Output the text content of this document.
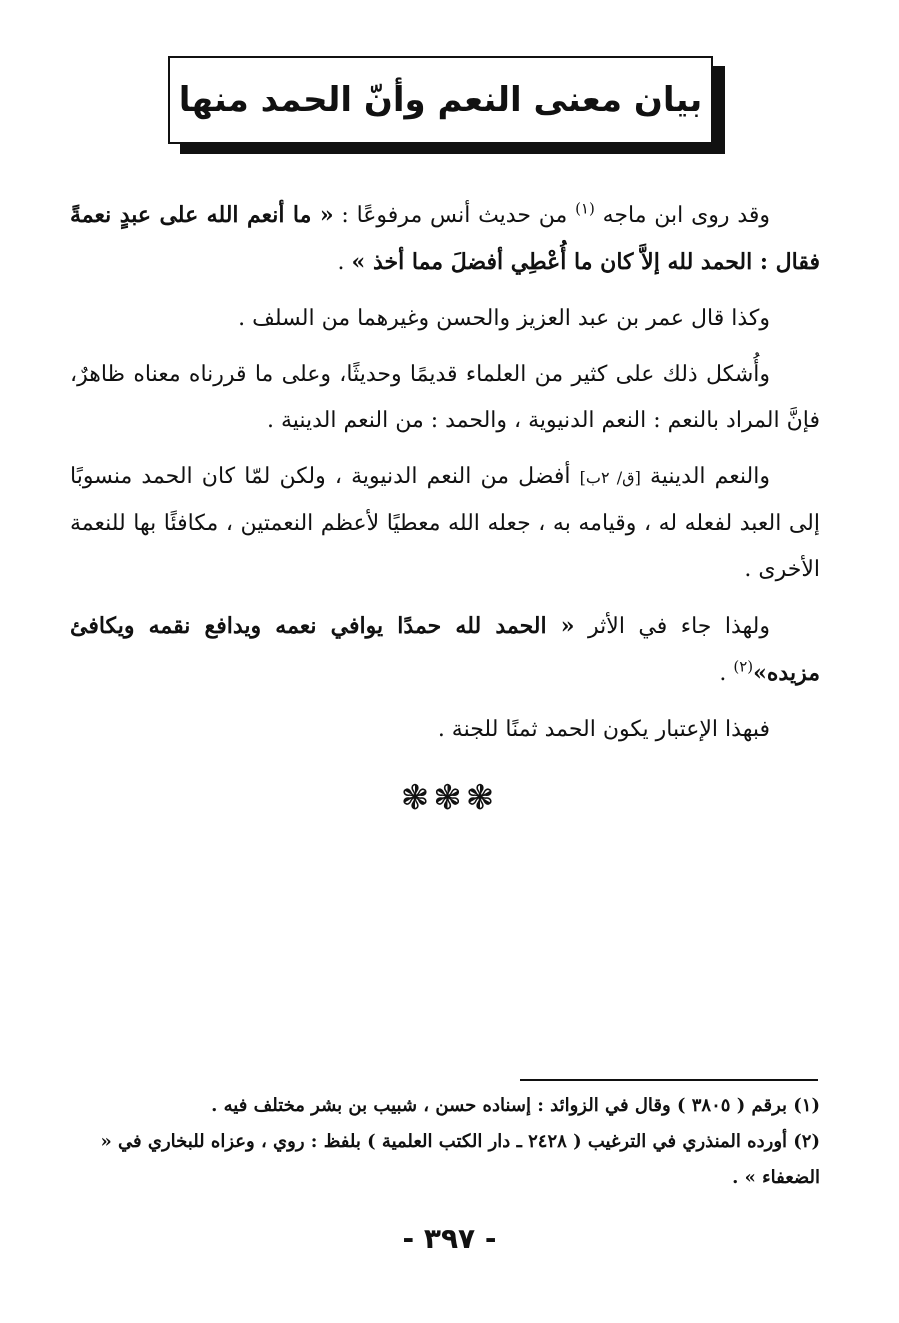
بيان معنى النعم وأنّ الحمد منها

وقد روى ابن ماجه $^{(١)}$ من حديث أنس مرفوعًا : « ما أنعم الله على عبدٍ نعمةً فقال : الحمد لله إلاَّ كان ما أُعْطِي أفضلَ مما أخذ » .

وكذا قال عمر بن عبد العزيز والحسن وغيرهما من السلف .

وأُشكل ذلك على كثير من العلماء قديمًا وحديثًا، وعلى ما قررناه معناه ظاهرٌ، فإنَّ المراد بالنعم : النعم الدنيوية ، والحمد : من النعم الدينية .

والنعم الدينية [ق/ ٢ب] أفضل من النعم الدنيوية ، ولكن لمّا كان الحمد منسوبًا إلى العبد لفعله له ، وقيامه به ، جعله الله معطيًا لأعظم النعمتين ، مكافئًا بها للنعمة الأخرى .

ولهذا جاء في الأثر « الحمد لله حمدًا يوافي نعمه ويدافع نقمه ويكافئ مزيده»$^{(٢)}$ .

فبهذا الإعتبار يكون الحمد ثمنًا للجنة .

❃❃❃

(١) برقم ( ٣٨٠٥ ) وقال في الزوائد : إسناده حسن ، شبيب بن بشر مختلف فيه .

(٢) أورده المنذري في الترغيب ( ٢٤٢٨ ـ دار الكتب العلمية ) بلفظ : روي ، وعزاه للبخاري في « الضعفاء » .

- ٣٩٧ -
